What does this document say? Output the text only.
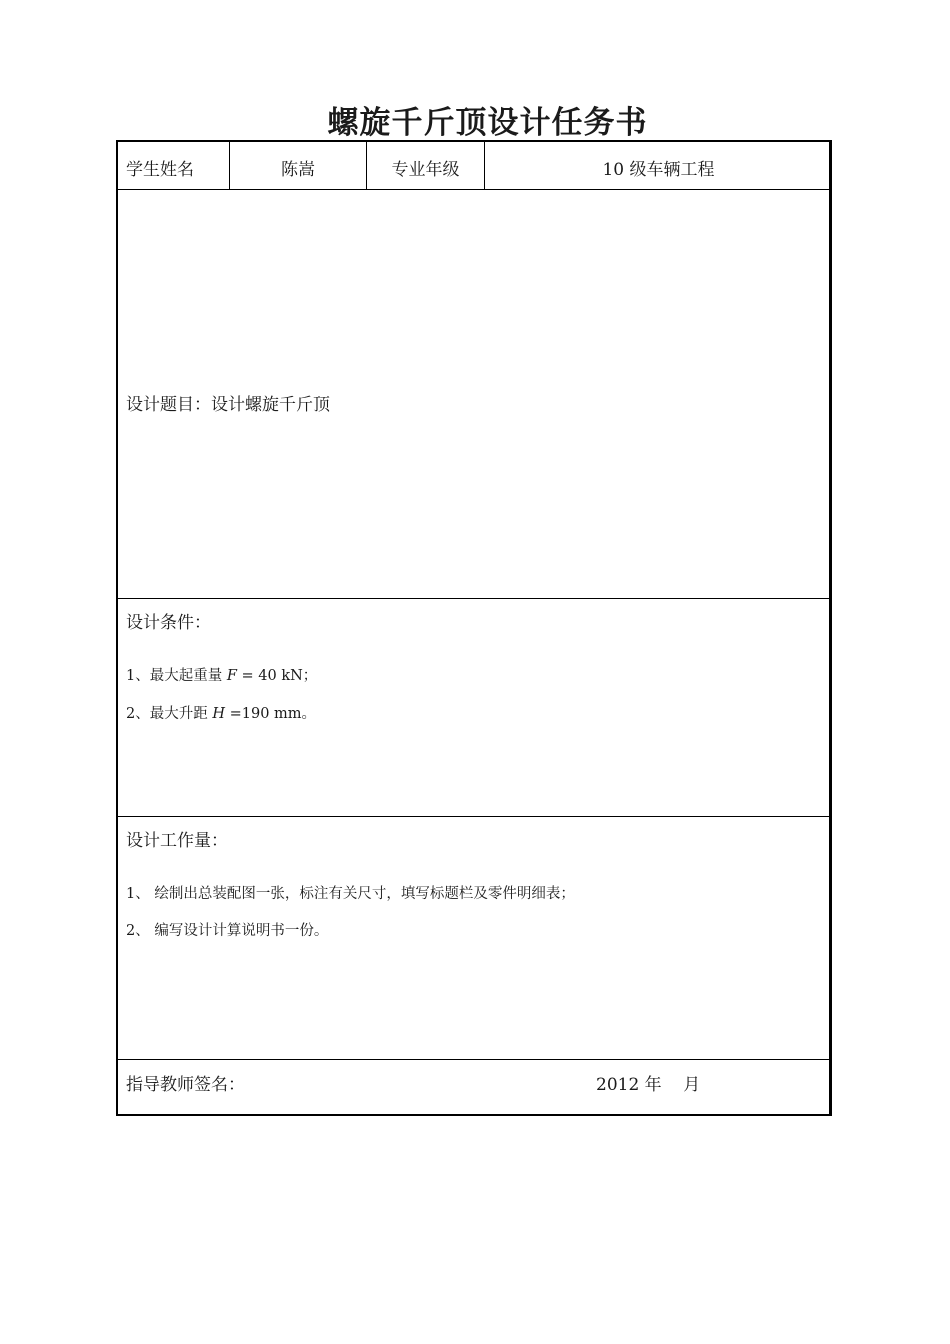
螺旋千斤顶设计任务书
学生姓名	陈嵩	专业年级	10 级车辆工程
设计题目：设计螺旋千斤顶
设计条件：
1、最大起重量 F = 40 kN；
2、最大升距 H =190 mm。
设计工作量：
1、 绘制出总装配图一张，标注有关尺寸，填写标题栏及零件明细表；
2、 编写设计计算说明书一份。
指导教师签名：	2012 年    月
